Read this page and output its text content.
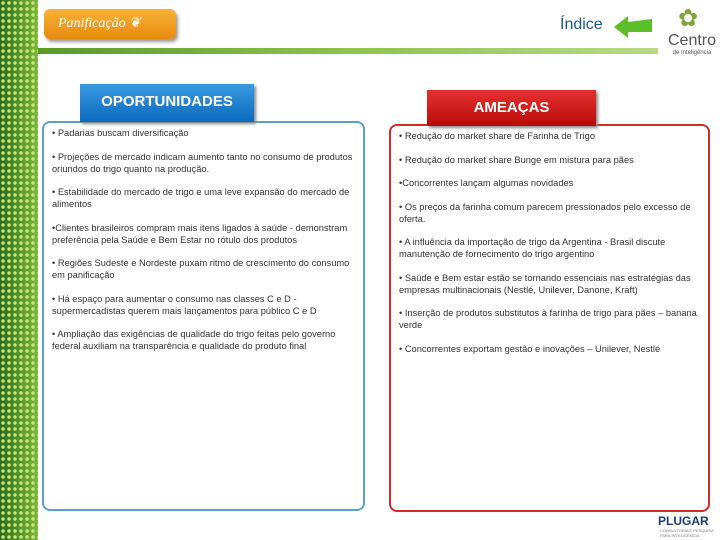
Panificação ❦	Índice	✿
Centro
de Inteligência

• Padarias buscam diversificação

• Projeções de mercado indicam aumento tanto no consumo de produtos oriundos do trigo quanto na produção.

• Estabilidade do mercado de trigo e uma leve expansão do mercado de alimentos

•Clientes brasileiros compram mais itens ligados à saúde - demonstram preferência pela Saúde e Bem Estar no rótulo dos produtos

• Regiões Sudeste e Nordeste puxam ritmo de crescimento do consumo em panificação

• Há espaço para aumentar o consumo nas classes C e D - supermercadistas querem mais lançamentos para público C e D

• Ampliação das exigências de qualidade do trigo feitas pelo governo federal auxiliam na transparência e qualidade do produto final

OPORTUNIDADES

• Redução do market share de Farinha de Trigo

• Redução do market share Bunge em mistura para pães

•Concorrentes lançam algumas novidades

• Os preços da farinha comum parecem pressionados pelo excesso de oferta.

• A influência da importação de trigo da Argentina - Brasil discute manutenção de fornecimento do trigo argentino

• Saúde e Bem estar estão se tornando essenciais nas estratégias das empresas multinacionais (Nestlé, Unilever, Danone, Kraft)

• Inserção de produtos substitutos à farinha de trigo para pães – banana verde

• Concorrentes exportam gestão e inovações – Unilever, Nestlé

AMEAÇAS
PLUGAR
CONSULTORIA E PESQUISA PARA INTELIGÊNCIA
